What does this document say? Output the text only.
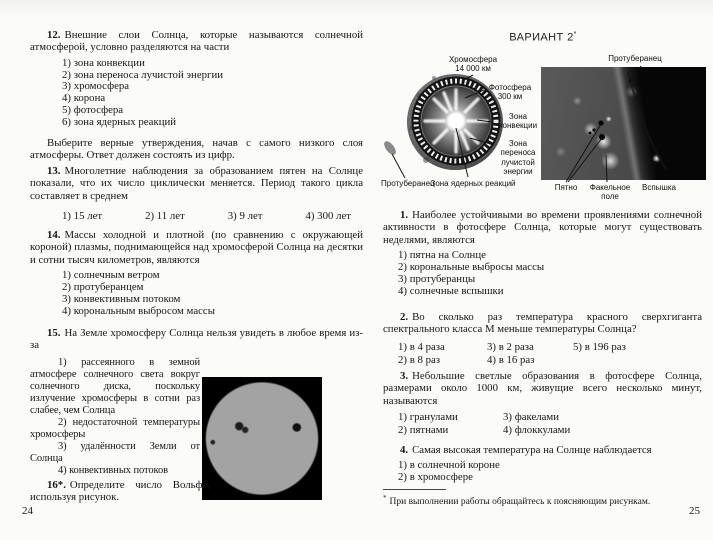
12. Внешние слои Солнца, которые называются солнечной атмосферой, условно разделяются на части

1) зона конвекции
2) зона переноса лучистой энергии
3) хромосфера
4) корона
5) фотосфера
6) зона ядерных реакций

Выберите верные утверждения, начав с самого низкого слоя атмосферы. Ответ должен состоять из цифр.

13. Многолетние наблюдения за образованием пятен на Солнце показали, что их число циклически меняется. Период такого цикла составляет в среднем

1) 15 лет	2) 11 лет	3) 9 лет	4) 300 лет

14. Массы холодной и плотной (по сравнению с окружающей короной) плазмы, поднимающейся над хромосферой Солнца на десятки и сотни тысяч километров, являются

1) солнечным ветром
2) протуберанцем
3) конвективным потоком
4) корональным выбросом массы

15. На Земле хромосферу Солнца нельзя увидеть в любое время из-за

1) рассеянного в земной атмосфере солнечного света вокруг солнечного диска, поскольку излучение хромосферы в сотни раз слабее, чем Солнца
2) недостаточной температуры хромосферы
3) удалённости Земли от Солнца
4) конвективных потоков

16*. Определите число Вольфа, используя рисунок.

24
ВАРИАНТ 2*
Хромосфера
14 000 км
Фотосфера
300 км
Зона конвекции
Зона переноса лучистой энергии
Протуберанец
Зона ядерных реакций
Протуберанец
Пятно	Факельное поле
Вспышка

1. Наиболее устойчивыми во времени проявлениями солнечной активности в фотосфере Солнца, которые могут существовать неделями, являются

1) пятна на Солнце
2) корональные выбросы массы
3) протуберанцы
4) солнечные вспышки

2. Во сколько раз температура красного сверхгиганта спектрального класса М меньше температуры Солнца?

1) в 4 раза	3) в 2 раза	5) в 196 раз
2) в 8 раз	4) в 16 раз

3. Небольшие светлые образования в фотосфере Солнца, размерами около 1000 км, живущие всего несколько минут, называются

1) гранулами	3) факелами
2) пятнами	4) флоккулами

4. Самая высокая температура на Солнце наблюдается

1) в солнечной короне
2) в хромосфере
* При выполнении работы обращайтесь к поясняющим рисункам.
25
